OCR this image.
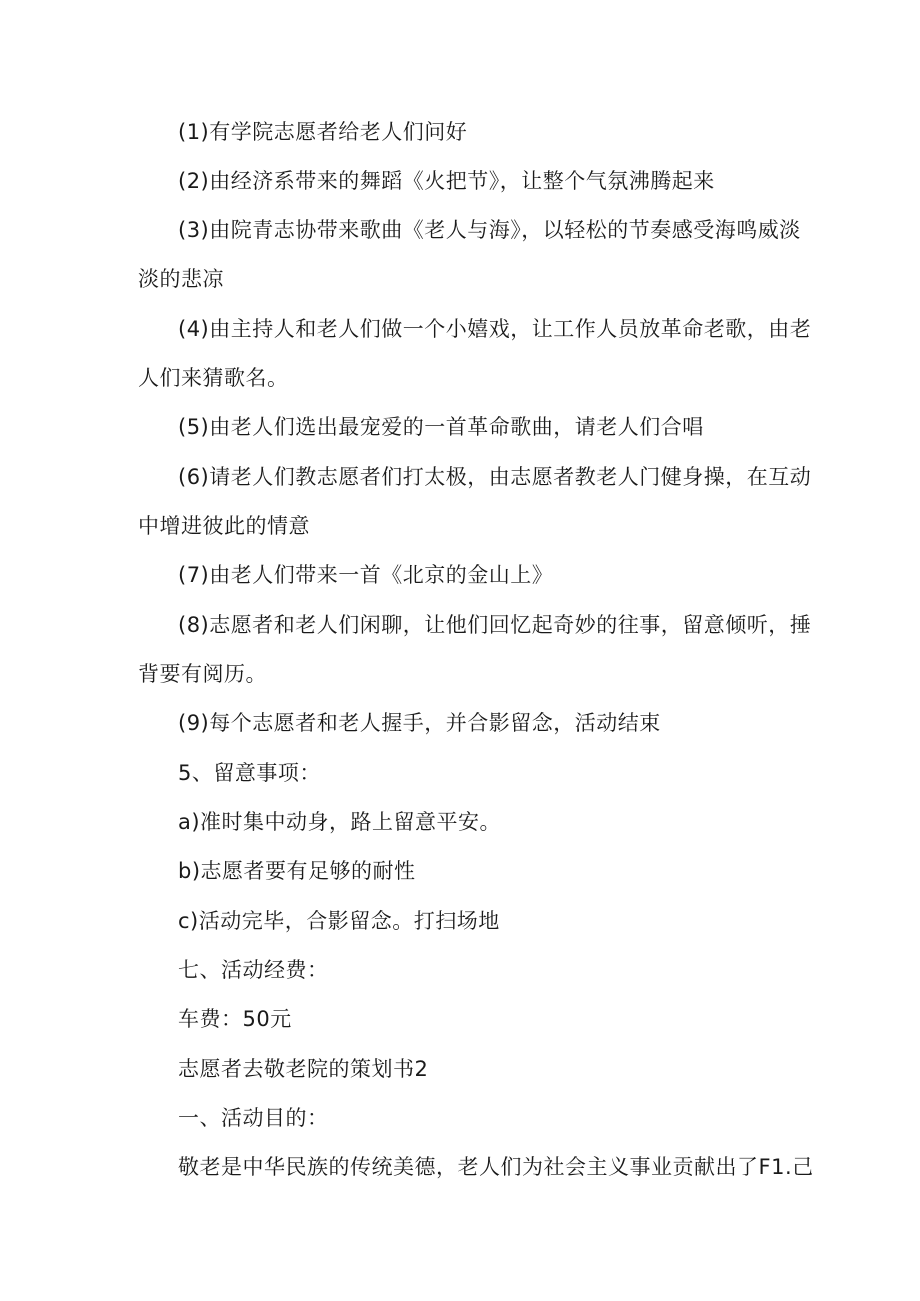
(1)有学院志愿者给老人们问好
(2)由经济系带来的舞蹈《火把节》，让整个气氛沸腾起来
(3)由院青志协带来歌曲《老人与海》，以轻松的节奏感受海鸣威淡
淡的悲凉
(4)由主持人和老人们做一个小嬉戏，让工作人员放革命老歌，由老
人们来猜歌名。
(5)由老人们选出最宠爱的一首革命歌曲，请老人们合唱
(6)请老人们教志愿者们打太极，由志愿者教老人门健身操，在互动
中增进彼此的情意
(7)由老人们带来一首《北京的金山上》
(8)志愿者和老人们闲聊，让他们回忆起奇妙的往事，留意倾听，捶
背要有阅历。
(9)每个志愿者和老人握手，并合影留念，活动结束
5、留意事项：
a)准时集中动身，路上留意平安。
b)志愿者要有足够的耐性
c)活动完毕，合影留念。打扫场地
七、活动经费：
车费：50元
志愿者去敬老院的策划书2
一、活动目的：
敬老是中华民族的传统美德，老人们为社会主义事业贡献出了F1.己
